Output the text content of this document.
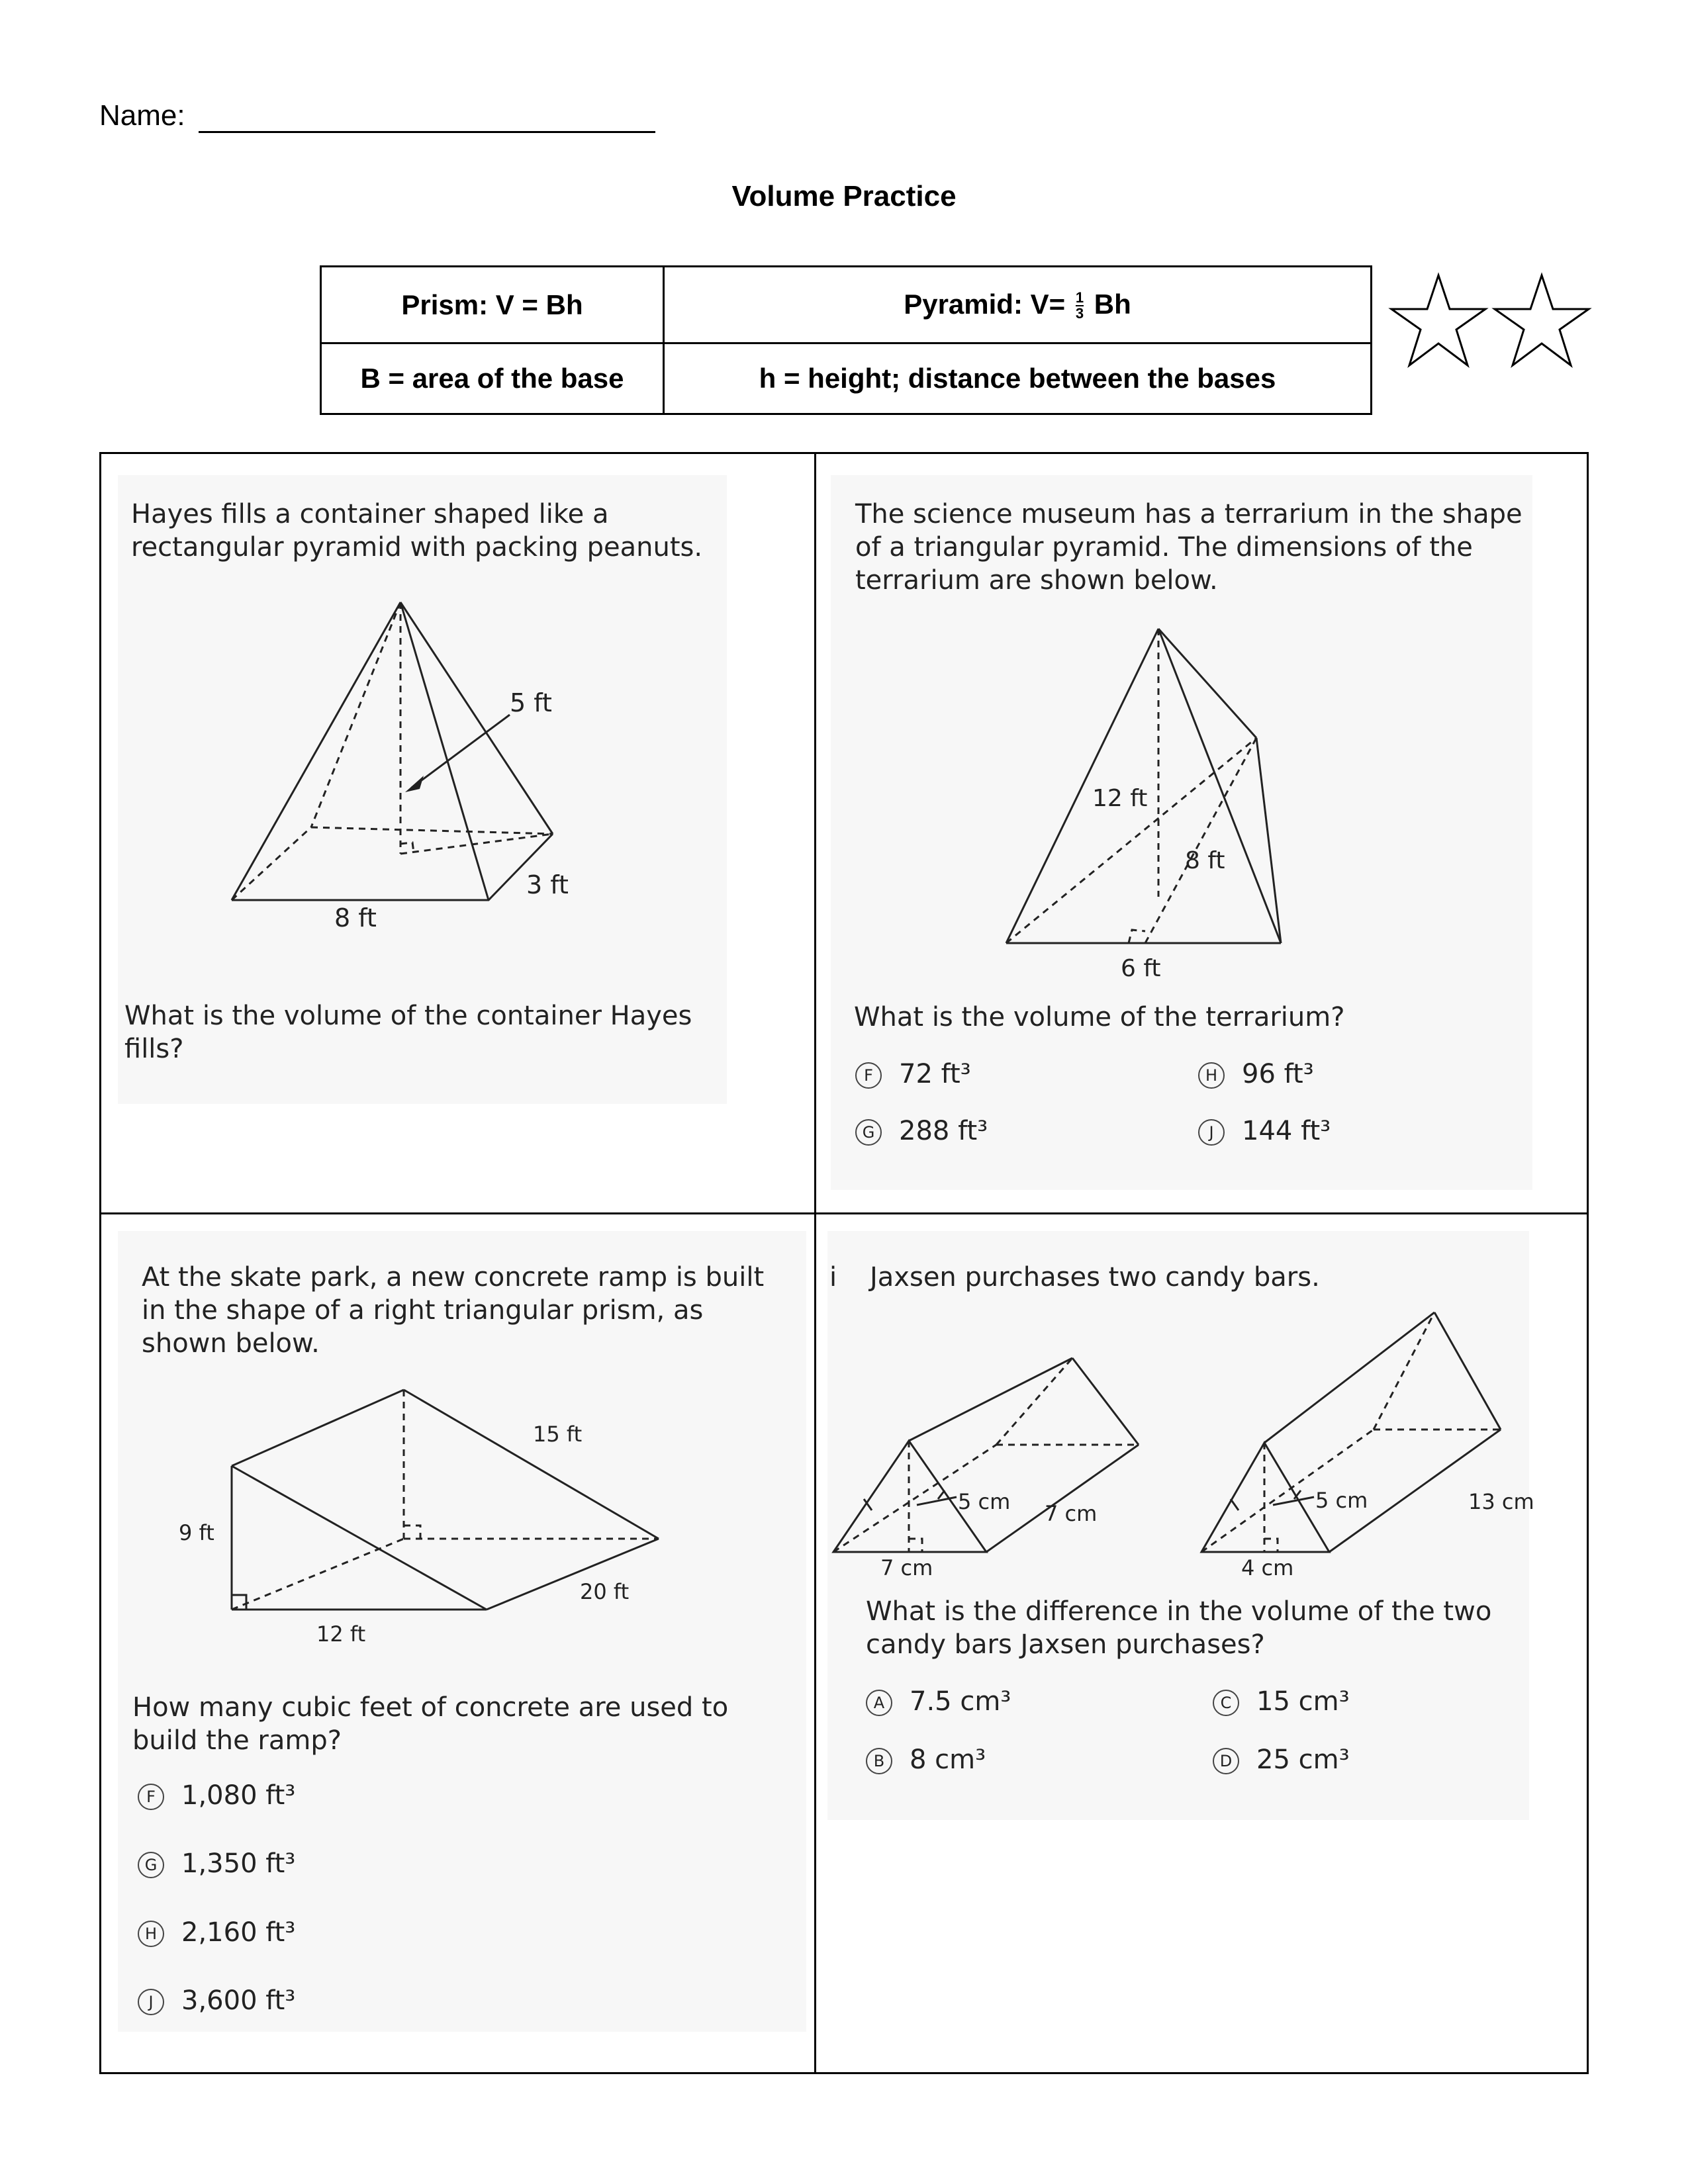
Name:
Volume Practice
Prism: V = Bh	Pyramid: $V= \frac{1}{3}$ Bh
B = area of the base	h = height; distance between the bases
Hayes fills a container shaped like a rectangular pyramid with packing peanuts.
5 ft
3 ft
8 ft
What is the volume of the container Hayes fills?
The science museum has a terrarium in the shape of a triangular pyramid. The dimensions of the terrarium are shown below.
12 ft
8 ft
6 ft
What is the volume of the terrarium?
F 72 ft³	H 96 ft³
G 288 ft³	J 144 ft³
At the skate park, a new concrete ramp is built in the shape of a right triangular prism, as shown below.
15 ft
9 ft
20 ft
12 ft
How many cubic feet of concrete are used to build the ramp?
F 1,080 ft³
G 1,350 ft³
H 2,160 ft³
J 3,600 ft³
i Jaxsen purchases two candy bars.
5 cm 7 cm
7 cm
5 cm	13 cm
4 cm
What is the difference in the volume of the two candy bars Jaxsen purchases?
A 7.5 cm³	C 15 cm³
B 8 cm³	D 25 cm³
